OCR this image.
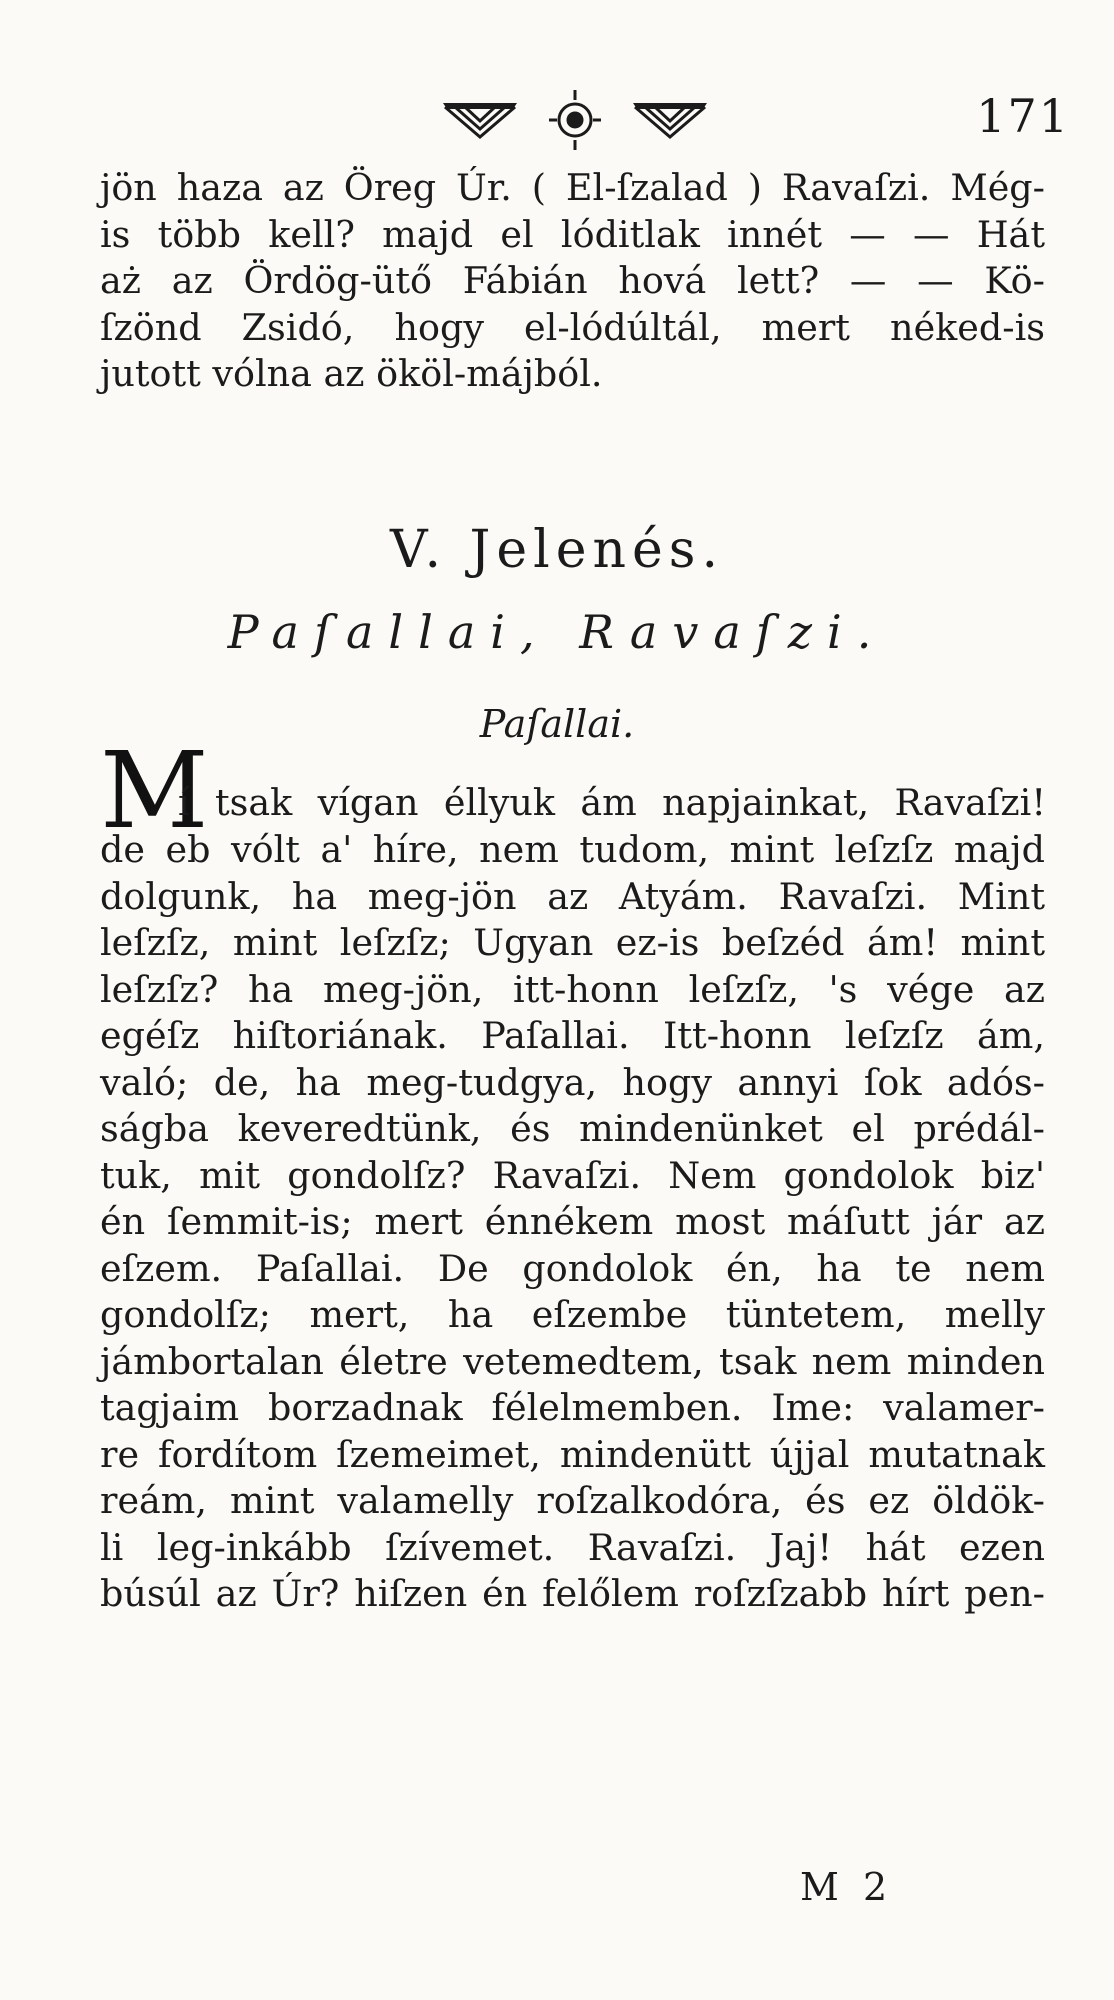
171
jön haza az Öreg Úr. ( El-ſzalad ) Ravaſzi. Még-
is több kell? majd el lóditlak innét — — Hát
aż az Ördög-ütő Fábián hová lett? — — Kö-
ſzönd Zsidó, hogy el-lódúltál, mert néked-is
jutott vólna az ököl-májból.
V. Jelenés.
Paſallai, Ravaſzi.
Paſallai.
M
í tsak vígan éllyuk ám napjainkat, Ravaſzi!
de eb vólt a' híre, nem tudom, mint leſzſz majd
dolgunk, ha meg-jön az Atyám. Ravaſzi. Mint
leſzſz, mint leſzſz; Ugyan ez-is beſzéd ám! mint
leſzſz? ha meg-jön, itt-honn leſzſz, 's vége az
egéſz hiſtoriának. Paſallai. Itt-honn leſzſz ám,
való; de, ha meg-tudgya, hogy annyi ſok adós-
ságba keveredtünk, és mindenünket el prédál-
tuk, mit gondolſz? Ravaſzi. Nem gondolok biz'
én ſemmit-is; mert énnékem most máſutt jár az
eſzem. Paſallai. De gondolok én, ha te nem
gondolſz; mert, ha eſzembe tüntetem, melly
jámbortalan életre vetemedtem, tsak nem minden
tagjaim borzadnak félelmemben. Ime: valamer-
re fordítom ſzemeimet, mindenütt újjal mutatnak
reám, mint valamelly roſzalkodóra, és ez öldök-
li leg-inkább ſzívemet. Ravaſzi. Jaj! hát ezen
búsúl az Úr? hiſzen én felőlem roſzſzabb hírt pen-
M 2
